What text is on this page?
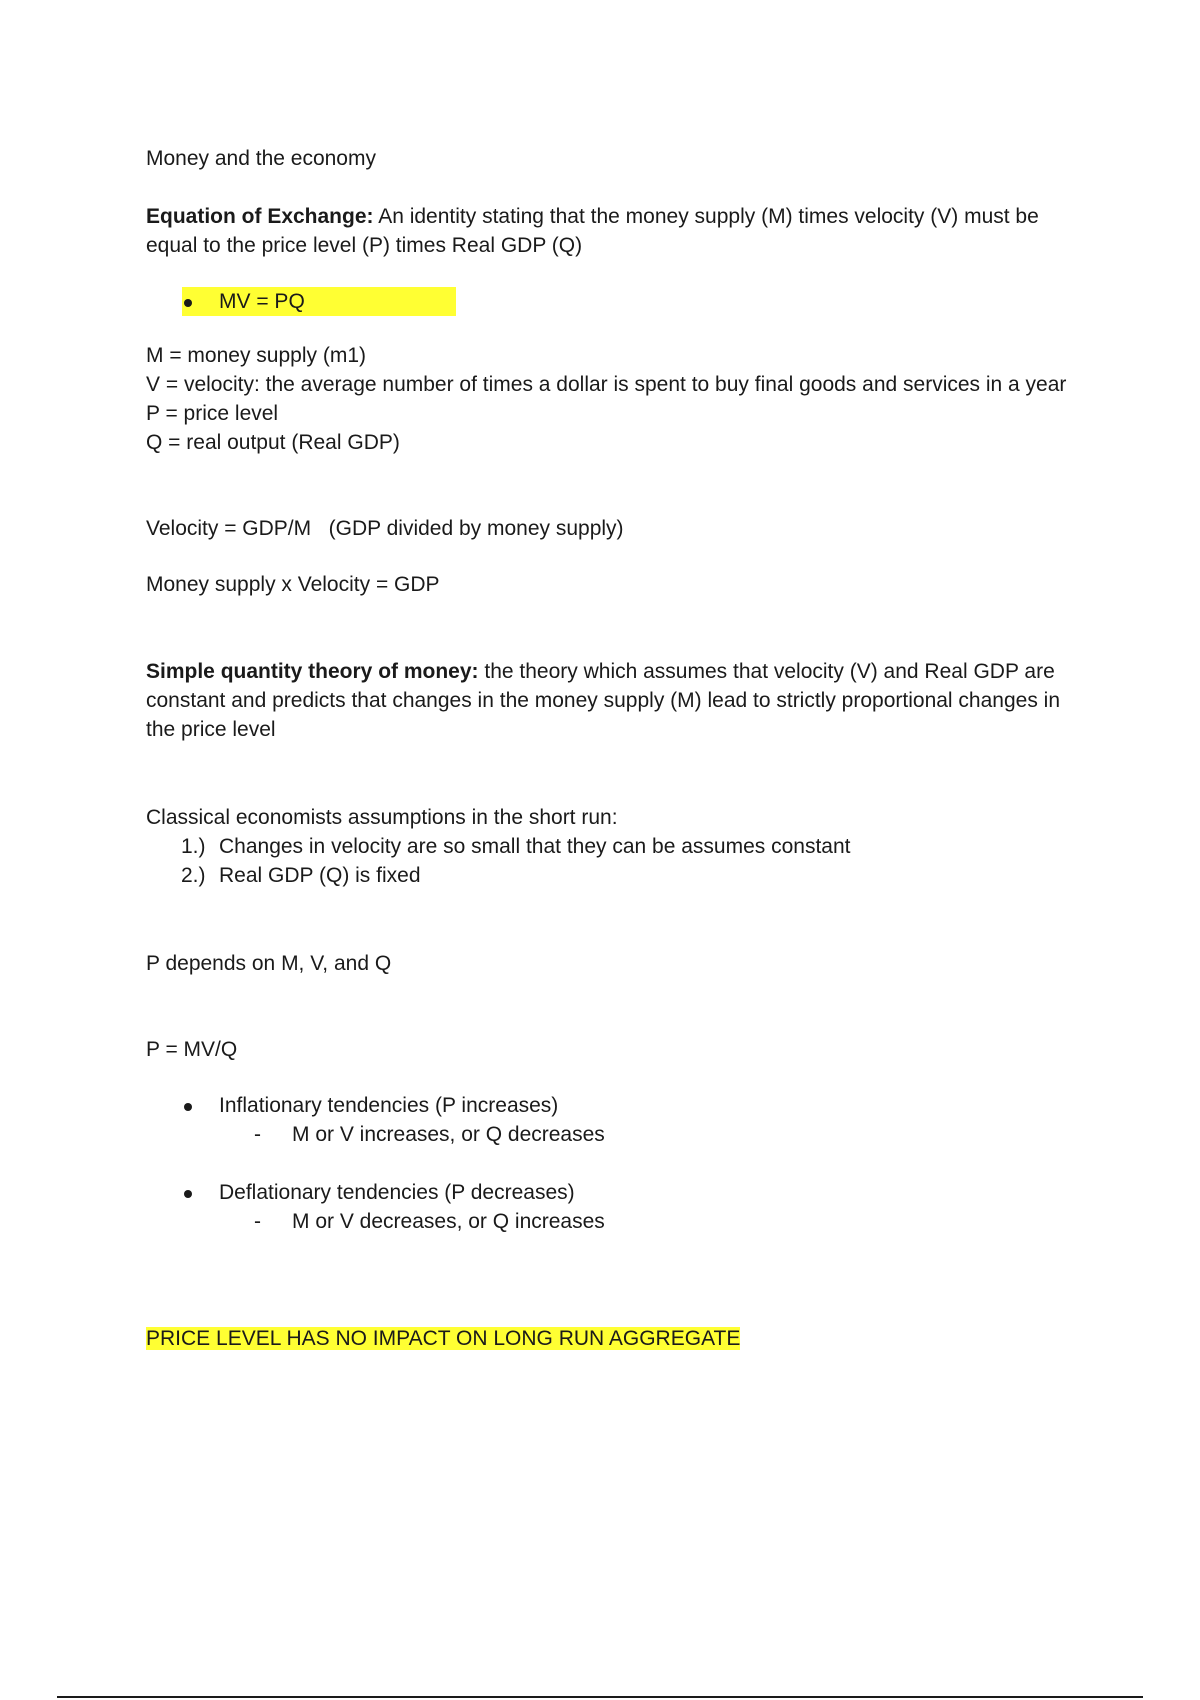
Money and the economy

Equation of Exchange: An identity stating that the money supply (M) times velocity (V) must be equal to the price level (P) times Real GDP (Q)

MV = PQ

M = money supply (m1)

V = velocity: the average number of times a dollar is spent to buy final goods and services in a year

P = price level

Q = real output (Real GDP)

Velocity = GDP/M   (GDP divided by money supply)

Money supply x Velocity = GDP

Simple quantity theory of money: the theory which assumes that velocity (V) and Real GDP are constant and predicts that changes in the money supply (M) lead to strictly proportional changes in the price level

Classical economists assumptions in the short run:

1.) Changes in velocity are so small that they can be assumes constant
2.) Real GDP (Q) is fixed

P depends on M, V, and Q

P = MV/Q

Inflationary tendencies (P increases)
- M or V increases, or Q decreases
Deflationary tendencies (P decreases)
- M or V decreases, or Q increases

PRICE LEVEL HAS NO IMPACT ON LONG RUN AGGREGATE
